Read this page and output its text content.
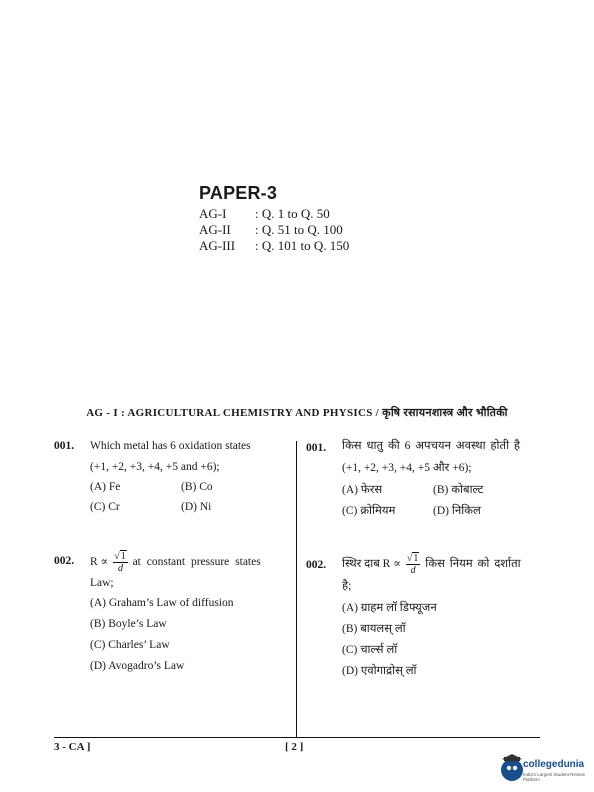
PAPER-3
AG-I : Q. 1 to Q. 50
AG-II : Q. 51 to Q. 100
AG-III : Q. 101 to Q. 150
AG - I : AGRICULTURAL CHEMISTRY AND PHYSICS / कृषि रसायनशास्त्र और भौतिकी
001. Which metal has 6 oxidation states
(+1, +2, +3, +4, +5 and +6);
(A) Fe	(B) Co
(C) Cr	(D) Ni
002. $R \propto \frac{√1}{d}$ at constant pressure states
Law;
(A) Graham’s Law of diffusion
(B) Boyle’s Law
(C) Charles’ Law
(D) Avogadro’s Law
001. किस धातु की 6 अपचयन अवस्था होती है
(+1, +2, +3, +4, +5 और +6);
(A) फेरस	(B) कोबाल्ट
(C) क्रोमियम	(D) निकिल
002. स्थिर दाब $R \propto \frac{√1}{d}$ किस नियम को दर्शाता
है;
(A) ग्राहम लॉ डिफ्यूजन
(B) बायलस् लॉ
(C) चार्ल्स लॉ
(D) एवोगाद्रोस् लॉ
3 - CA ]	[ 2 ]
collegedunia
India's Largest Student Review Platform
